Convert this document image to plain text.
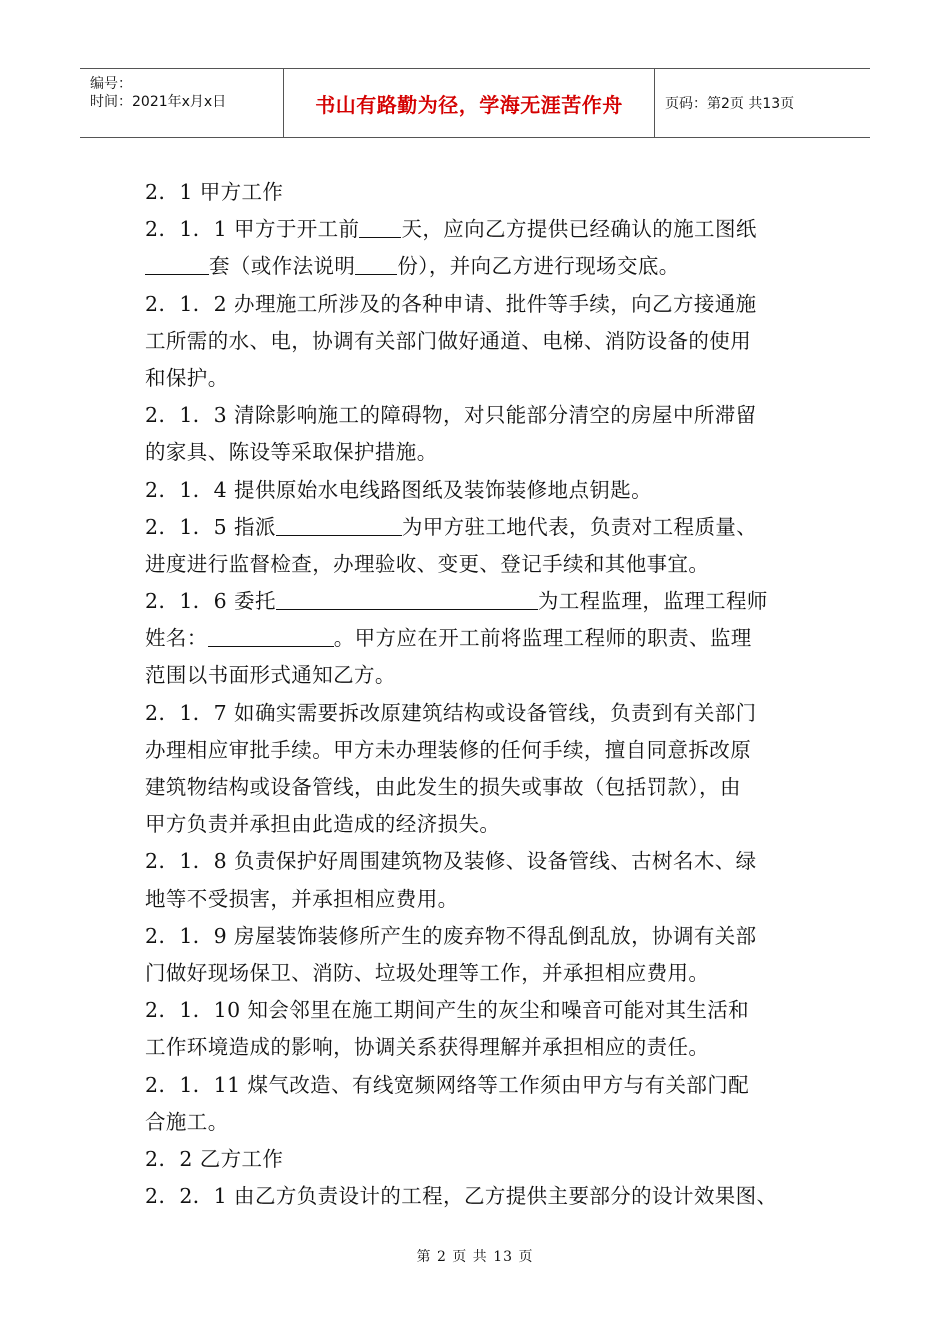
编号：
时间：2021年x月x日	书山有路勤为径，学海无涯苦作舟	页码：第2页 共13页
2．1 甲方工作
2．1．1 甲方于开工前 天，应向乙方提供已经确认的施工图纸
套（或作法说明 份），并向乙方进行现场交底。
2．1．2 办理施工所涉及的各种申请、批件等手续，向乙方接通施
工所需的水、电，协调有关部门做好通道、电梯、消防设备的使用
和保护。
2．1．3 清除影响施工的障碍物，对只能部分清空的房屋中所滞留
的家具、陈设等采取保护措施。
2．1．4 提供原始水电线路图纸及装饰装修地点钥匙。
2．1．5 指派	为甲方驻工地代表，负责对工程质量、
进度进行监督检查，办理验收、变更、登记手续和其他事宜。
2．1．6 委托	为工程监理，监理工程师
姓名：	。甲方应在开工前将监理工程师的职责、监理
范围以书面形式通知乙方。
2．1．7 如确实需要拆改原建筑结构或设备管线，负责到有关部门
办理相应审批手续。甲方未办理装修的任何手续，擅自同意拆改原
建筑物结构或设备管线，由此发生的损失或事故（包括罚款），由
甲方负责并承担由此造成的经济损失。
2．1．8 负责保护好周围建筑物及装修、设备管线、古树名木、绿
地等不受损害，并承担相应费用。
2．1．9 房屋装饰装修所产生的废弃物不得乱倒乱放，协调有关部
门做好现场保卫、消防、垃圾处理等工作，并承担相应费用。
2．1．10 知会邻里在施工期间产生的灰尘和噪音可能对其生活和
工作环境造成的影响，协调关系获得理解并承担相应的责任。
2．1．11 煤气改造、有线宽频网络等工作须由甲方与有关部门配
合施工。
2．2 乙方工作
2．2．1 由乙方负责设计的工程，乙方提供主要部分的设计效果图、
第 2 页 共 13 页
